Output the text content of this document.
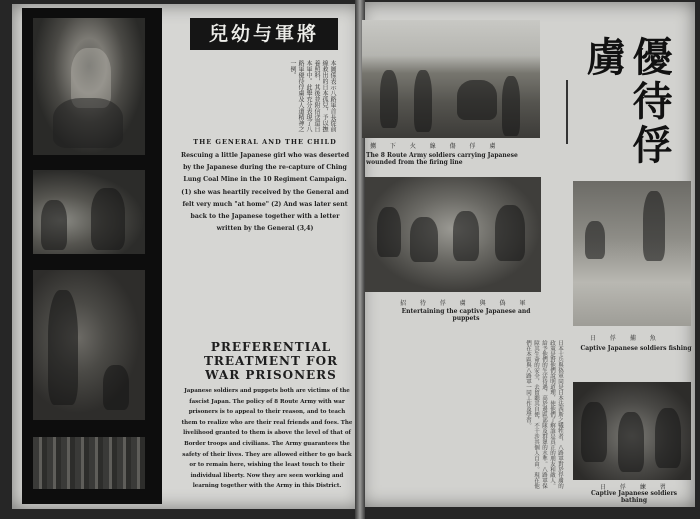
兒幼与軍將
本圖係表示八路軍首長從前線救出的日本孤兒，予以撫養照料，其後並附信送還日本軍中。此舉充分表現了八路軍優待俘虜及人道精神之一例。
THE GENERAL AND THE CHILD
Rescuing a little Japanese girl who was deserted by the Japanese during the re-capture of Ching Lung Coal Mine in the 10 Regiment Campaign. (1) she was heartily received by the General and felt very much "at home" (2) And was later sent back to the Japanese together with a letter written by the General (3,4)
PREFERENTIAL TREATMENT FOR WAR PRISONERS
Japanese soldiers and puppets both are victims of the fascist Japan. The policy of 8 Route Army with war prisoners is to appeal to their reason, and to teach them to realize who are their real friends and foes. The livelihood granted to them is above the level of that of Border troops and civilians. The Army guarantees the safety of their lives. They are allowed either to go back or to remain here, wishing the least touch to their individual liberty. Now they are seen working and learning together with the Army in this District.
擄 下 火 線 傷 俘 虜
The 8 Route Army soldiers carrying Japanese wounded from the firing line
招 待 俘 虜 與 偽 軍
Entertaining the captive Japanese and puppets
日 俘 捕 魚
Captive Japanese soldiers fishing
日 俘 練 習
Captive Japanese soldiers bathing
優待俘虜
日本士兵與偽軍同是日本法西斯之犧牲者，八路軍對於俘虜的政策是對他們說明道理，使他們了解誰是真正的朋友和敵人。給予他們的生活待遇，高於邊區部隊及群眾的水準。八路軍保障其生命的安全，去留聽其自便，不干涉其個人自由。現在他們在本區與八路軍一同工作及學習。
